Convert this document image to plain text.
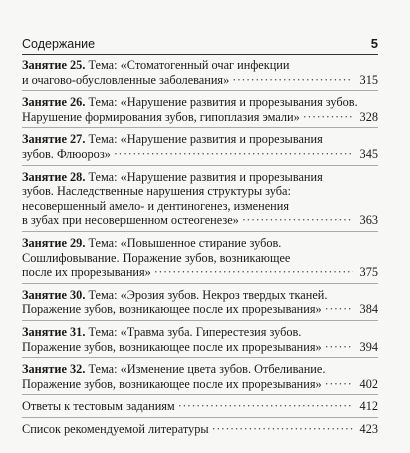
Содержание	5
Занятие 25. Тема: «Стоматогенный очаг инфекции
и очагово-обусловленные заболевания» ·····	315
Занятие 26. Тема: «Нарушение развития и прорезывания зубов.
Нарушение формирования зубов, гипоплазия эмали» ·····	328
Занятие 27. Тема: «Нарушение развития и прорезывания
зубов. Флюороз» ·····	345
Занятие 28. Тема: «Нарушение развития и прорезывания
зубов. Наследственные нарушения структуры зуба:
несовершенный амело- и дентиногенез, изменения
в зубах при несовершенном остеогенезе» ·····	363
Занятие 29. Тема: «Повышенное стирание зубов.
Сошлифовывание. Поражение зубов, возникающее
после их прорезывания» ·····	375
Занятие 30. Тема: «Эрозия зубов. Некроз твердых тканей.
Поражение зубов, возникающее после их прорезывания» ·····	384
Занятие 31. Тема: «Травма зуба. Гиперестезия зубов.
Поражение зубов, возникающее после их прорезывания» ·····	394
Занятие 32. Тема: «Изменение цвета зубов. Отбеливание.
Поражение зубов, возникающее после их прорезывания» ·····	402
Ответы к тестовым заданиям ·····	412
Список рекомендуемой литературы ·····	423
